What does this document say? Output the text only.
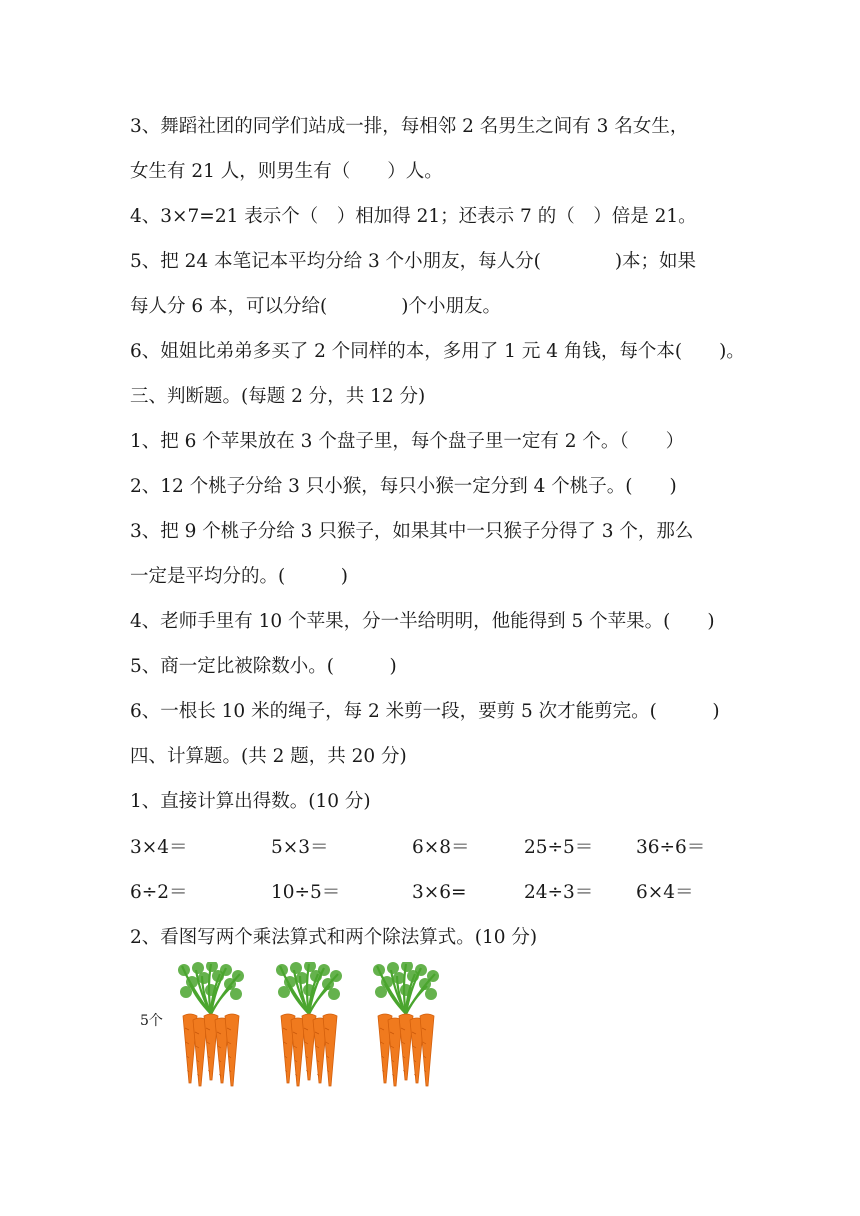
3、舞蹈社团的同学们站成一排，每相邻 2 名男生之间有 3 名女生，
女生有 21 人，则男生有（　　）人。
4、3×7=21 表示个（　）相加得 21；还表示 7 的（　）倍是 21。
5、把 24 本笔记本平均分给 3 个小朋友，每人分(　　　　)本；如果
每人分 6 本，可以分给(　　　　)个小朋友。
6、姐姐比弟弟多买了 2 个同样的本，多用了 1 元 4 角钱，每个本(　　)。
三、判断题。(每题 2 分，共 12 分)
1、把 6 个苹果放在 3 个盘子里，每个盘子里一定有 2 个。（　　）
2、12 个桃子分给 3 只小猴，每只小猴一定分到 4 个桃子。(　　)
3、把 9 个桃子分给 3 只猴子，如果其中一只猴子分得了 3 个，那么
一定是平均分的。(　　　)
4、老师手里有 10 个苹果，分一半给明明，他能得到 5 个苹果。(　　)
5、商一定比被除数小。(　　　)
6、一根长 10 米的绳子，每 2 米剪一段，要剪 5 次才能剪完。(　　　)
四、计算题。(共 2 题，共 20 分)
1、直接计算出得数。(10 分)
3×4＝	5×3＝	6×8＝	25÷5＝ 36÷6＝
6÷2＝	10÷5＝	3×6=	24÷3＝ 6×4＝
2、看图写两个乘法算式和两个除法算式。(10 分)
5个
